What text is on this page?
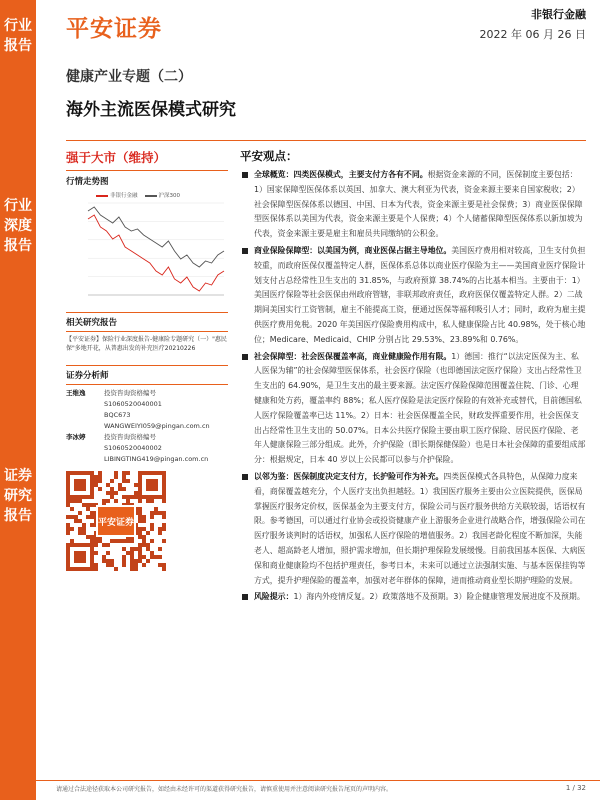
行业报告
行业深度报告
证券研究报告
平安证券
非银行金融
2022 年 06 月 26 日
健康产业专题（二）
海外主流医保模式研究
强于大市（维持）
行情走势图
非银行金融	沪深300
相关研究报告
【平安证券】保险行业深度报告-健康险专题研究（一）"惠民保"多地开花，从普惠出发的补充医疗20210226
证券分析师
王维逸	投资咨询资格编号
S1060520040001
BQC673
WANGWEIYI059@pingan.com.cn
李冰婷	投资咨询资格编号
S1060520040002
LIBINGTING419@pingan.com.cn
平安证券
平安观点：
全球概览：四类医保模式，主要支付方各有不同。根据资金来源的不同，医保制度主要包括：1）国家保障型医保体系以英国、加拿大、澳大利亚为代表，资金来源主要来自国家税收；2）社会保障型医保体系以德国、中国、日本为代表，资金来源主要是社会保费；3）商业医保保障型医保体系以美国为代表，资金来源主要是个人保费；4）个人储蓄保障型医保体系以新加坡为代表，资金来源主要是雇主和雇员共同缴纳的公积金。
商业保险保障型：以美国为例，商业医保占据主导地位。美国医疗费用相对较高，卫生支付负担较重，而政府医保仅覆盖特定人群，医保体系总体以商业医疗保险为主——美国商业医疗保险计划支付占总经常性卫生支出的 31.85%，与政府预算 38.74%的占比基本相当。主要由于：1）美国医疗保险等社会医保由州政府管辖，非联邦政府责任，政府医保仅覆盖特定人群。2）二战期间美国实行工资管制，雇主不能提高工资，便通过医保等福利吸引人才；同时，政府为雇主提供医疗费用免税。2020 年美国医疗保险费用构成中，私人健康保险占比 40.98%，处于核心地位；Medicare、Medicaid、CHIP 分别占比 29.53%、23.89%和 0.76%。
社会保障型：社会医保覆盖率高，商业健康险作用有限。1）德国：推行“以法定医保为主、私人医保为辅”的社会保障型医保体系，社会医疗保险（也即德国法定医疗保险）支出占经常性卫生支出的 64.90%，是卫生支出的最主要来源。法定医疗保险保障范围覆盖住院、门诊、心理健康和处方药，覆盖率约 88%；私人医疗保险是法定医疗保险的有效补充或替代，目前德国私人医疗保险覆盖率已达 11%。2）日本：社会医保覆盖全民，财政发挥重要作用，社会医保支出占经常性卫生支出的 50.07%。日本公共医疗保险主要由职工医疗保险、居民医疗保险、老年人健康保险三部分组成。此外，介护保险（即长期保健保险）也是日本社会保障的重要组成部分：根据规定，日本 40 岁以上公民都可以参与介护保险。
以邻为鉴：医保制度决定支付方，长护险可作为补充。四类医保模式各具特色，从保障力度来看，商保覆盖越充分，个人医疗支出负担越轻。1）我国医疗服务主要由公立医院提供，医保局掌握医疗服务定价权，医保基金为主要支付方，保险公司与医疗服务供给方关联较弱，话语权有限。参考德国，可以通过行业协会或投资健康产业上游服务企业进行战略合作，增强保险公司在医疗服务谈判时的话语权，加强私人医疗保险的增值服务。2）我国老龄化程度不断加深，失能老人、超高龄老人增加，照护需求增加，但长期护理保险发展缓慢。目前我国基本医保、大病医保和商业健康险均不包括护理责任，参考日本，未来可以通过立法强制实施、与基本医保挂钩等方式，提升护理保险的覆盖率，加强对老年群体的保障，进而推动商业型长期护理险的发展。
风险提示：1）海内外疫情反复。2）政策落地不及预期。3）险企健康管理发展进度不及预期。
请通过合法途径获取本公司研究报告，如经由未经许可的渠道获得研究报告，请慎重使用并注意阅读研究报告尾页的声明内容。	1 / 32
